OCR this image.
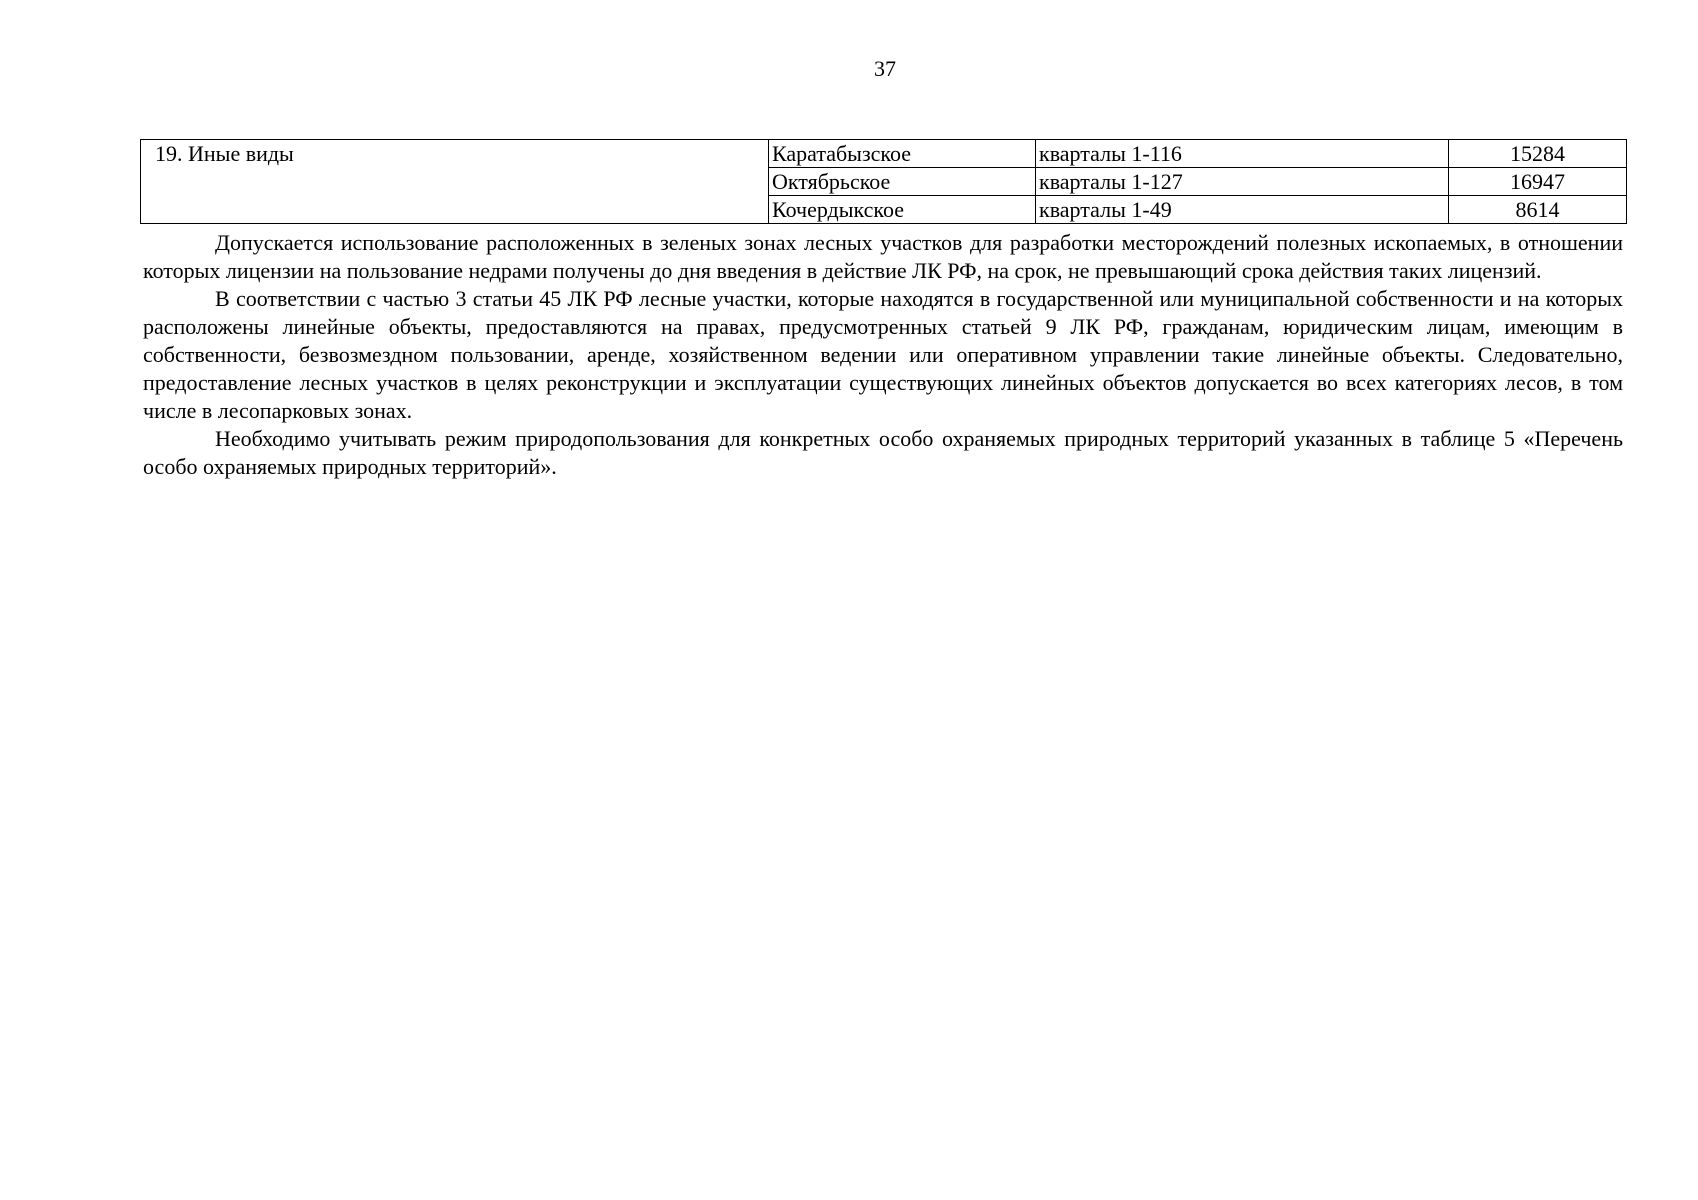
37
19. Иные виды	Каратабызское	кварталы 1-116	15284
	Октябрьское	кварталы 1-127	16947
	Кочердыкское	кварталы 1-49	8614

Допускается использование расположенных в зеленых зонах лесных участков для разработки месторождений полезных ископаемых, в отношении которых лицензии на пользование недрами получены до дня введения в действие ЛК РФ, на срок, не превышающий срока действия таких лицензий.

В соответствии с частью 3 статьи 45 ЛК РФ лесные участки, которые находятся в государственной или муниципальной собственности и на которых расположены линейные объекты, предоставляются на правах, предусмотренных статьей 9 ЛК РФ, гражданам, юридическим лицам, имеющим в собственности, безвозмездном пользовании, аренде, хозяйственном ведении или оперативном управлении такие линейные объекты. Следовательно, предоставление лесных участков в целях реконструкции и эксплуатации существующих линейных объектов допускается во всех категориях лесов, в том числе в лесопарковых зонах.

Необходимо учитывать режим природопользования для конкретных особо охраняемых природных территорий указанных в таблице 5 «Перечень особо охраняемых природных территорий».
